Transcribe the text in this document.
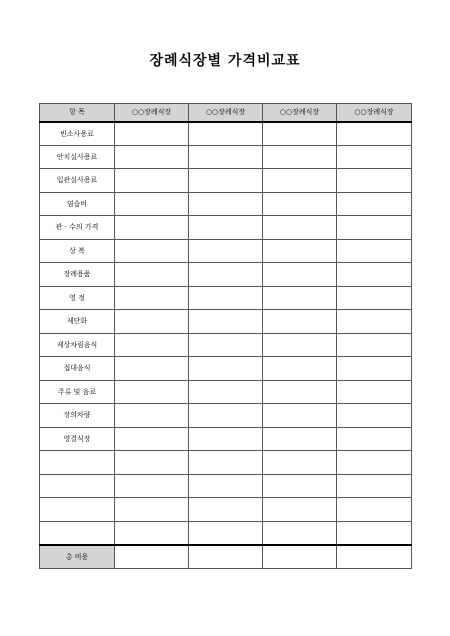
장례식장별 가격비교표
항 목	○○장례식장	○○장례식장	○○장례식장	○○장례식장
빈소사용료				
안치실사용료				
입관실사용료				
염습비				
관 · 수의 가격				
상 복				
장례용품				
영 정				
제단화				
제상차림음식				
접대음식				
주류 및 음료				
장의차량				
영결식장				

총 비용				
